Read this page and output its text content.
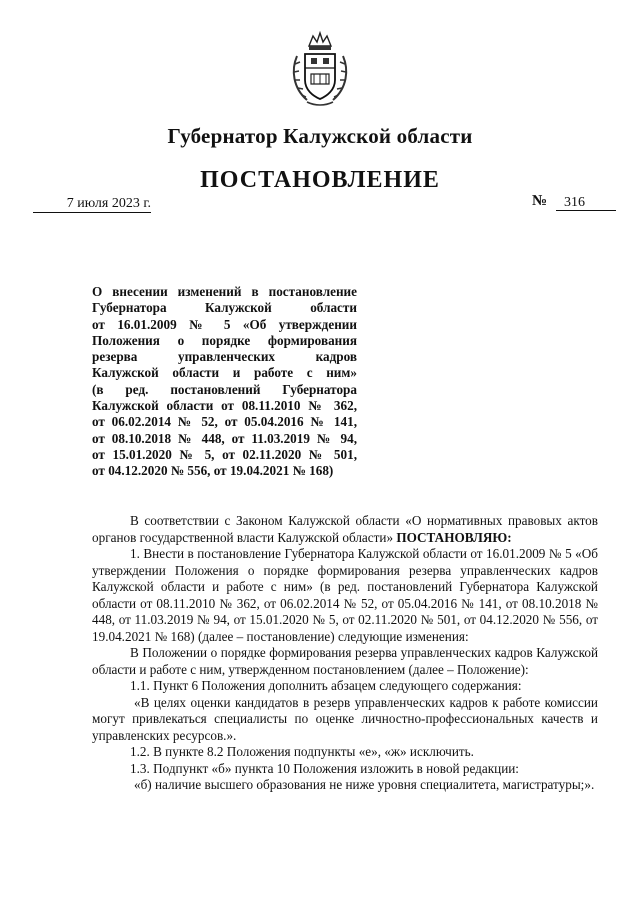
Губернатор Калужской области
ПОСТАНОВЛЕНИЕ
7 июля 2023 г.	№	316
О внесении изменений в постановление
Губернатора Калужской области
от 16.01.2009 № 5 «Об утверждении
Положения о порядке формирования
резерва управленческих кадров
Калужской области и работе с ним»
(в ред. постановлений Губернатора
Калужской области от 08.11.2010 № 362,
от 06.02.2014 № 52, от 05.04.2016 № 141,
от 08.10.2018 № 448, от 11.03.2019 № 94,
от 15.01.2020 № 5, от 02.11.2020 № 501,
от 04.12.2020 № 556, от 19.04.2021 № 168)

В соответствии с Законом Калужской области «О нормативных правовых актов органов государственной власти Калужской области» ПОСТАНОВЛЯЮ:

1. Внести в постановление Губернатора Калужской области от 16.01.2009 № 5 «Об утверждении Положения о порядке формирования резерва управленческих кадров Калужской области и работе с ним» (в ред. постановлений Губернатора Калужской области от 08.11.2010 № 362, от 06.02.2014 № 52, от 05.04.2016 № 141, от 08.10.2018 № 448, от 11.03.2019 № 94, от 15.01.2020 № 5, от 02.11.2020 № 501, от 04.12.2020 № 556, от 19.04.2021 № 168) (далее – постановление) следующие изменения:

В Положении о порядке формирования резерва управленческих кадров Калужской области и работе с ним, утвержденном постановлением (далее – Положение):

1.1. Пункт 6 Положения дополнить абзацем следующего содержания:

«В целях оценки кандидатов в резерв управленческих кадров к работе комиссии могут привлекаться специалисты по оценке личностно-профессиональных качеств и управленских ресурсов.».

1.2. В пункте 8.2 Положения подпункты «е», «ж» исключить.

1.3. Подпункт «б» пункта 10 Положения изложить в новой редакции:

«б) наличие высшего образования не ниже уровня специалитета, магистратуры;».
